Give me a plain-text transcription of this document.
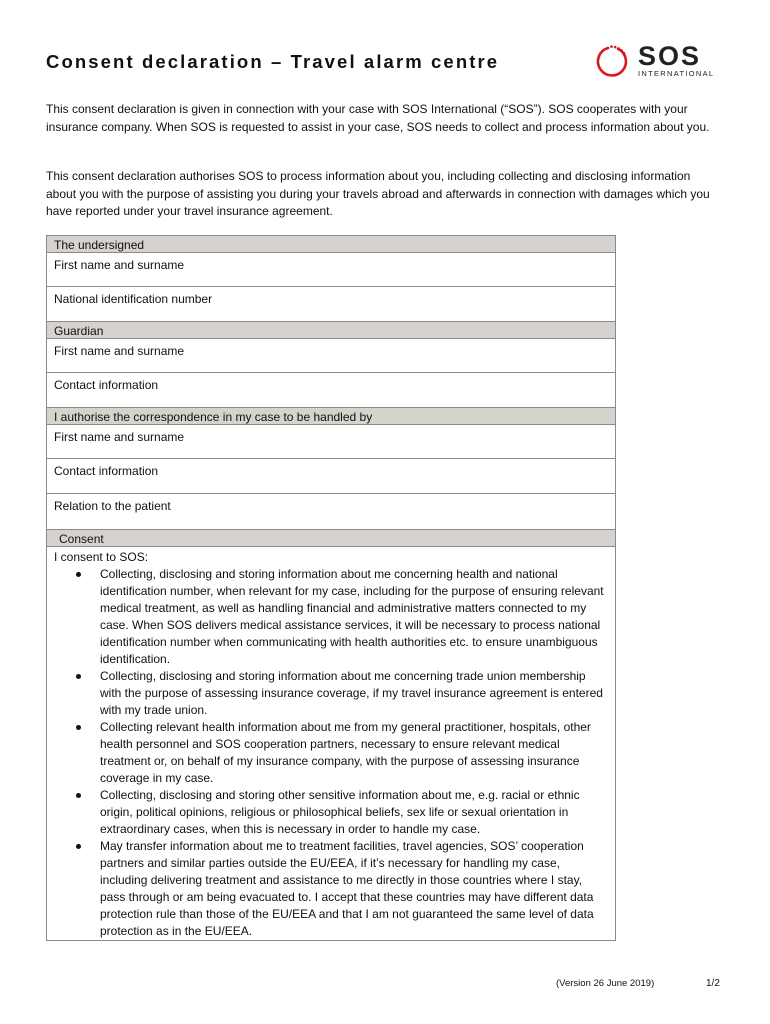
Consent declaration – Travel alarm centre	SOS
INTERNATIONAL

This consent declaration is given in connection with your case with SOS International (“SOS”). SOS cooperates with your insurance company. When SOS is requested to assist in your case, SOS needs to collect and process information about you.

This consent declaration authorises SOS to process information about you, including collecting and disclosing information about you with the purpose of assisting you during your travels abroad and afterwards in connection with damages which you have reported under your travel insurance agreement.

The undersigned
First name and surname
National identification number
Guardian
First name and surname
Contact information
I authorise the correspondence in my case to be handled by
First name and surname
Contact information
Relation to the patient
Consent
I consent to SOS:
Collecting, disclosing and storing information about me concerning health and national identification number, when relevant for my case, including for the purpose of ensuring relevant medical treatment, as well as handling financial and administrative matters connected to my case. When SOS delivers medical assistance services, it will be necessary to process national identification number when communicating with health authorities etc. to ensure unambiguous identification.
Collecting, disclosing and storing information about me concerning trade union membership with the purpose of assessing insurance coverage, if my travel insurance agreement is entered with my trade union.
Collecting relevant health information about me from my general practitioner, hospitals, other health personnel and SOS cooperation partners, necessary to ensure relevant medical treatment or, on behalf of my insurance company, with the purpose of assessing insurance coverage in my case.
Collecting, disclosing and storing other sensitive information about me, e.g. racial or ethnic origin, political opinions, religious or philosophical beliefs, sex life or sexual orientation in extraordinary cases, when this is necessary in order to handle my case.
May transfer information about me to treatment facilities, travel agencies, SOS’ cooperation partners and similar parties outside the EU/EEA, if it’s necessary for handling my case, including delivering treatment and assistance to me directly in those countries where I stay, pass through or am being evacuated to. I accept that these countries may have different data protection rule than those of the EU/EEA and that I am not guaranteed the same level of data protection as in the EU/EEA.
(Version 26 June 2019)	1/2
